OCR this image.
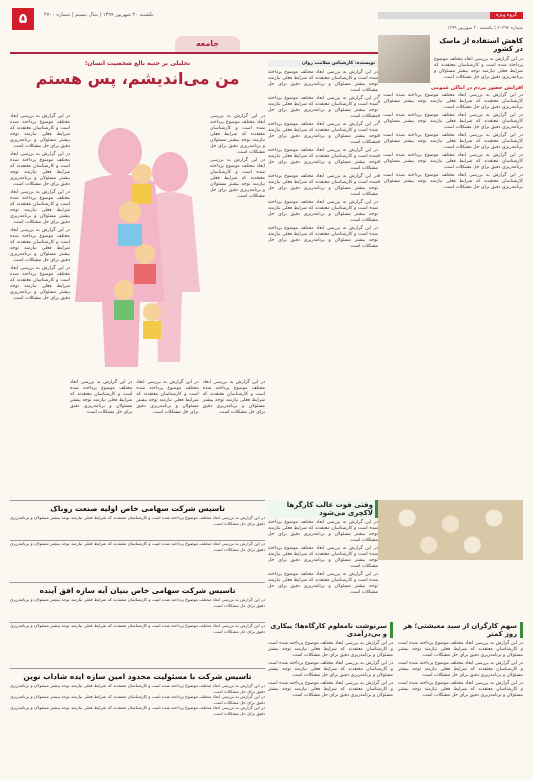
۵	یکشنبه ۳۰ شهریور ۱۳۹۹ | سال بیستم | شماره ۴۷۰۰
جامعه
گروه ویژه
شماره ۲۰۳۹۲ | یکشنبه ۳۰ شهریور ۱۳۹۹
کاهش استفاده از ماسک در کشور
در این گزارش به بررسی ابعاد مختلف موضوع پرداخته شده است و کارشناسان معتقدند که شرایط فعلی نیازمند توجه بیشتر مسئولان و برنامه‌ریزی دقیق برای حل مشکلات است.
افزایش حضور مردم در اماکن عمومی
در این گزارش به بررسی ابعاد مختلف موضوع پرداخته شده است و کارشناسان معتقدند که شرایط فعلی نیازمند توجه بیشتر مسئولان و برنامه‌ریزی دقیق برای حل مشکلات است.
در این گزارش به بررسی ابعاد مختلف موضوع پرداخته شده است و کارشناسان معتقدند که شرایط فعلی نیازمند توجه بیشتر مسئولان و برنامه‌ریزی دقیق برای حل مشکلات است.
در این گزارش به بررسی ابعاد مختلف موضوع پرداخته شده است و کارشناسان معتقدند که شرایط فعلی نیازمند توجه بیشتر مسئولان و برنامه‌ریزی دقیق برای حل مشکلات است.
در این گزارش به بررسی ابعاد مختلف موضوع پرداخته شده است و کارشناسان معتقدند که شرایط فعلی نیازمند توجه بیشتر مسئولان و برنامه‌ریزی دقیق برای حل مشکلات است.
در این گزارش به بررسی ابعاد مختلف موضوع پرداخته شده است و کارشناسان معتقدند که شرایط فعلی نیازمند توجه بیشتر مسئولان و برنامه‌ریزی دقیق برای حل مشکلات است.
نویسنده: کارشناس سلامت روان
در این گزارش به بررسی ابعاد مختلف موضوع پرداخته شده است و کارشناسان معتقدند که شرایط فعلی نیازمند توجه بیشتر مسئولان و برنامه‌ریزی دقیق برای حل مشکلات است.
در این گزارش به بررسی ابعاد مختلف موضوع پرداخته شده است و کارشناسان معتقدند که شرایط فعلی نیازمند توجه بیشتر مسئولان و برنامه‌ریزی دقیق برای حل مشکلات است.
در این گزارش به بررسی ابعاد مختلف موضوع پرداخته شده است و کارشناسان معتقدند که شرایط فعلی نیازمند توجه بیشتر مسئولان و برنامه‌ریزی دقیق برای حل مشکلات است.
در این گزارش به بررسی ابعاد مختلف موضوع پرداخته شده است و کارشناسان معتقدند که شرایط فعلی نیازمند توجه بیشتر مسئولان و برنامه‌ریزی دقیق برای حل مشکلات است.
در این گزارش به بررسی ابعاد مختلف موضوع پرداخته شده است و کارشناسان معتقدند که شرایط فعلی نیازمند توجه بیشتر مسئولان و برنامه‌ریزی دقیق برای حل مشکلات است.
در این گزارش به بررسی ابعاد مختلف موضوع پرداخته شده است و کارشناسان معتقدند که شرایط فعلی نیازمند توجه بیشتر مسئولان و برنامه‌ریزی دقیق برای حل مشکلات است.
در این گزارش به بررسی ابعاد مختلف موضوع پرداخته شده است و کارشناسان معتقدند که شرایط فعلی نیازمند توجه بیشتر مسئولان و برنامه‌ریزی دقیق برای حل مشکلات است.
تحلیلی بر جنبه بالغ شخصیت انسان؛
من می‌اندیشم، پس هستم
در این گزارش به بررسی ابعاد مختلف موضوع پرداخته شده است و کارشناسان معتقدند که شرایط فعلی نیازمند توجه بیشتر مسئولان و برنامه‌ریزی دقیق برای حل مشکلات است.
در این گزارش به بررسی ابعاد مختلف موضوع پرداخته شده است و کارشناسان معتقدند که شرایط فعلی نیازمند توجه بیشتر مسئولان و برنامه‌ریزی دقیق برای حل مشکلات است.
در این گزارش به بررسی ابعاد مختلف موضوع پرداخته شده است و کارشناسان معتقدند که شرایط فعلی نیازمند توجه بیشتر مسئولان و برنامه‌ریزی دقیق برای حل مشکلات است.
در این گزارش به بررسی ابعاد مختلف موضوع پرداخته شده است و کارشناسان معتقدند که شرایط فعلی نیازمند توجه بیشتر مسئولان و برنامه‌ریزی دقیق برای حل مشکلات است.
در این گزارش به بررسی ابعاد مختلف موضوع پرداخته شده است و کارشناسان معتقدند که شرایط فعلی نیازمند توجه بیشتر مسئولان و برنامه‌ریزی دقیق برای حل مشکلات است.
در این گزارش به بررسی ابعاد مختلف موضوع پرداخته شده است و کارشناسان معتقدند که شرایط فعلی نیازمند توجه بیشتر مسئولان و برنامه‌ریزی دقیق برای حل مشکلات است.
در این گزارش به بررسی ابعاد مختلف موضوع پرداخته شده است و کارشناسان معتقدند که شرایط فعلی نیازمند توجه بیشتر مسئولان و برنامه‌ریزی دقیق برای حل مشکلات است.
در این گزارش به بررسی ابعاد مختلف موضوع پرداخته شده است و کارشناسان معتقدند که شرایط فعلی نیازمند توجه بیشتر مسئولان و برنامه‌ریزی دقیق برای حل مشکلات است.
در این گزارش به بررسی ابعاد مختلف موضوع پرداخته شده است و کارشناسان معتقدند که شرایط فعلی نیازمند توجه بیشتر مسئولان و برنامه‌ریزی دقیق برای حل مشکلات است.
در این گزارش به بررسی ابعاد مختلف موضوع پرداخته شده است و کارشناسان معتقدند که شرایط فعلی نیازمند توجه بیشتر مسئولان و برنامه‌ریزی دقیق برای حل مشکلات است.
تاسیس شرکت سهامی خاص اولیه صنعت روناک
در این گزارش به بررسی ابعاد مختلف موضوع پرداخته شده است و کارشناسان معتقدند که شرایط فعلی نیازمند توجه بیشتر مسئولان و برنامه‌ریزی دقیق برای حل مشکلات است.
در این گزارش به بررسی ابعاد مختلف موضوع پرداخته شده است و کارشناسان معتقدند که شرایط فعلی نیازمند توجه بیشتر مسئولان و برنامه‌ریزی دقیق برای حل مشکلات است.
تاسیس شرکت سهامی خاص بنیان آیه سازه افق آینده
در این گزارش به بررسی ابعاد مختلف موضوع پرداخته شده است و کارشناسان معتقدند که شرایط فعلی نیازمند توجه بیشتر مسئولان و برنامه‌ریزی دقیق برای حل مشکلات است.
در این گزارش به بررسی ابعاد مختلف موضوع پرداخته شده است و کارشناسان معتقدند که شرایط فعلی نیازمند توجه بیشتر مسئولان و برنامه‌ریزی دقیق برای حل مشکلات است.
تاسیس شرکت با مسئولیت محدود امین سازه ایده شاداب نوین
در این گزارش به بررسی ابعاد مختلف موضوع پرداخته شده است و کارشناسان معتقدند که شرایط فعلی نیازمند توجه بیشتر مسئولان و برنامه‌ریزی دقیق برای حل مشکلات است.
در این گزارش به بررسی ابعاد مختلف موضوع پرداخته شده است و کارشناسان معتقدند که شرایط فعلی نیازمند توجه بیشتر مسئولان و برنامه‌ریزی دقیق برای حل مشکلات است.
در این گزارش به بررسی ابعاد مختلف موضوع پرداخته شده است و کارشناسان معتقدند که شرایط فعلی نیازمند توجه بیشتر مسئولان و برنامه‌ریزی دقیق برای حل مشکلات است.
وقتی قوت غالب کارگرها لاکچری می‌شود
در این گزارش به بررسی ابعاد مختلف موضوع پرداخته شده است و کارشناسان معتقدند که شرایط فعلی نیازمند توجه بیشتر مسئولان و برنامه‌ریزی دقیق برای حل مشکلات است.
در این گزارش به بررسی ابعاد مختلف موضوع پرداخته شده است و کارشناسان معتقدند که شرایط فعلی نیازمند توجه بیشتر مسئولان و برنامه‌ریزی دقیق برای حل مشکلات است.
در این گزارش به بررسی ابعاد مختلف موضوع پرداخته شده است و کارشناسان معتقدند که شرایط فعلی نیازمند توجه بیشتر مسئولان و برنامه‌ریزی دقیق برای حل مشکلات است.
سهم کارگران از سبد معیشتی؛ هر روز کمتر
در این گزارش به بررسی ابعاد مختلف موضوع پرداخته شده است و کارشناسان معتقدند که شرایط فعلی نیازمند توجه بیشتر مسئولان و برنامه‌ریزی دقیق برای حل مشکلات است.
در این گزارش به بررسی ابعاد مختلف موضوع پرداخته شده است و کارشناسان معتقدند که شرایط فعلی نیازمند توجه بیشتر مسئولان و برنامه‌ریزی دقیق برای حل مشکلات است.
در این گزارش به بررسی ابعاد مختلف موضوع پرداخته شده است و کارشناسان معتقدند که شرایط فعلی نیازمند توجه بیشتر مسئولان و برنامه‌ریزی دقیق برای حل مشکلات است.
سرنوشت نامعلوم کارگاه‌ها؛ بیکاری و بی‌درآمدی
در این گزارش به بررسی ابعاد مختلف موضوع پرداخته شده است و کارشناسان معتقدند که شرایط فعلی نیازمند توجه بیشتر مسئولان و برنامه‌ریزی دقیق برای حل مشکلات است.
در این گزارش به بررسی ابعاد مختلف موضوع پرداخته شده است و کارشناسان معتقدند که شرایط فعلی نیازمند توجه بیشتر مسئولان و برنامه‌ریزی دقیق برای حل مشکلات است.
در این گزارش به بررسی ابعاد مختلف موضوع پرداخته شده است و کارشناسان معتقدند که شرایط فعلی نیازمند توجه بیشتر مسئولان و برنامه‌ریزی دقیق برای حل مشکلات است.
